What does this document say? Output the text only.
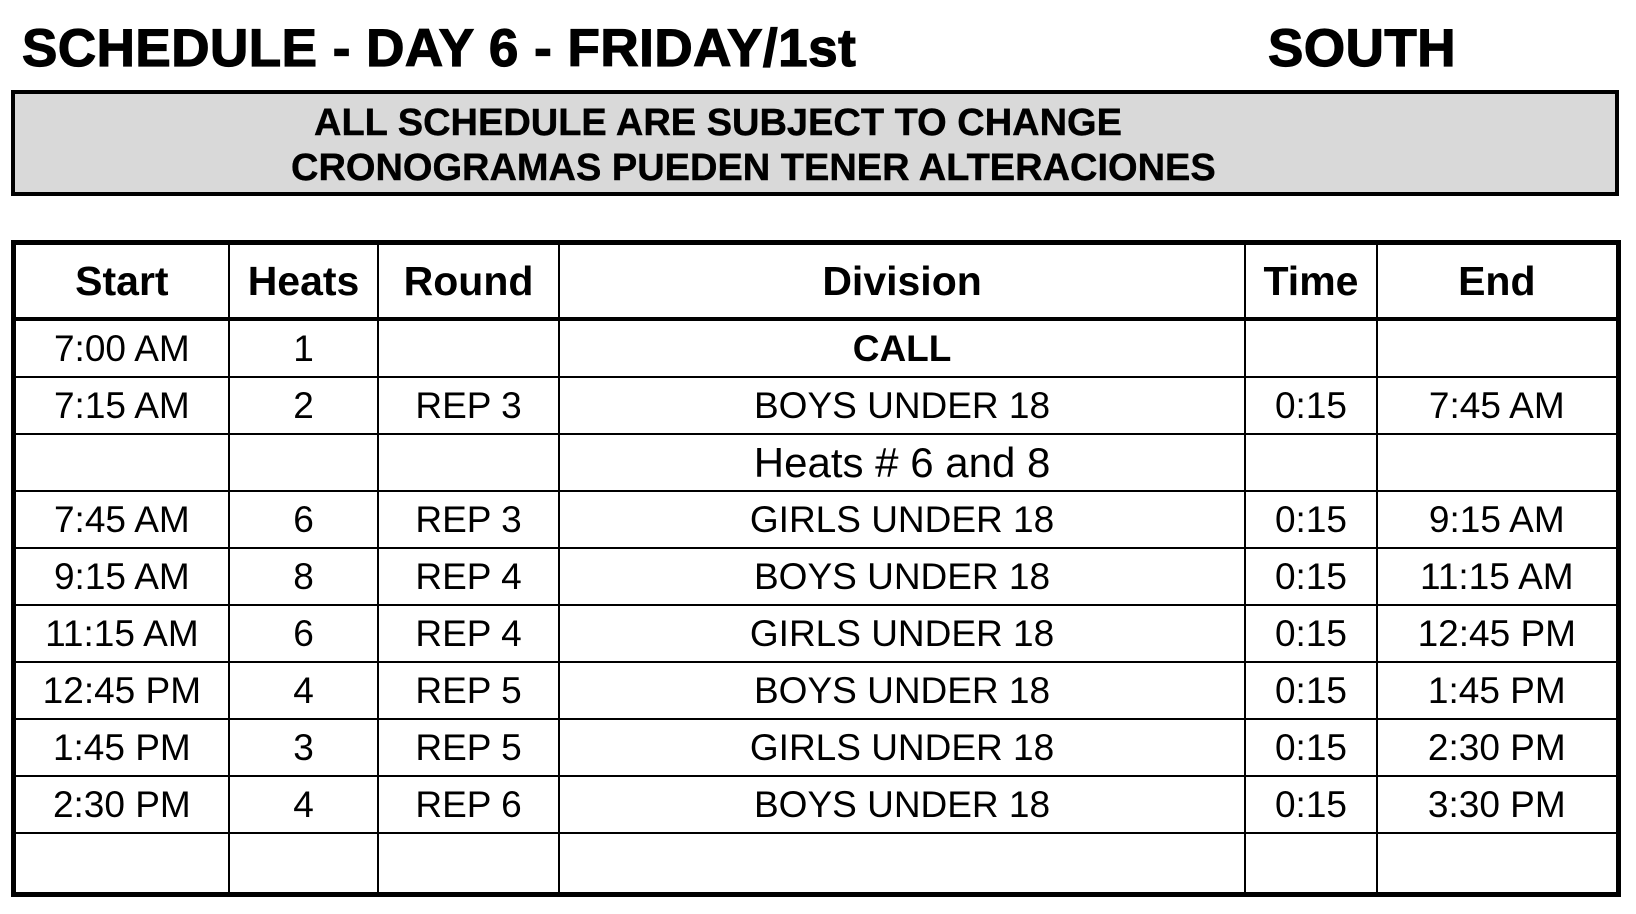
SCHEDULE - DAY 6 - FRIDAY/1st	SOUTH
ALL SCHEDULE ARE SUBJECT TO CHANGE
CRONOGRAMAS PUEDEN TENER ALTERACIONES
Start	Heats	Round	Division	Time	End
7:00 AM	1		CALL		
7:15 AM	2	REP 3	BOYS UNDER 18	0:15	7:45 AM
			Heats # 6 and 8		
7:45 AM	6	REP 3	GIRLS UNDER 18	0:15	9:15 AM
9:15 AM	8	REP 4	BOYS UNDER 18	0:15	11:15 AM
11:15 AM	6	REP 4	GIRLS UNDER 18	0:15	12:45 PM
12:45 PM	4	REP 5	BOYS UNDER 18	0:15	1:45 PM
1:45 PM	3	REP 5	GIRLS UNDER 18	0:15	2:30 PM
2:30 PM	4	REP 6	BOYS UNDER 18	0:15	3:30 PM
